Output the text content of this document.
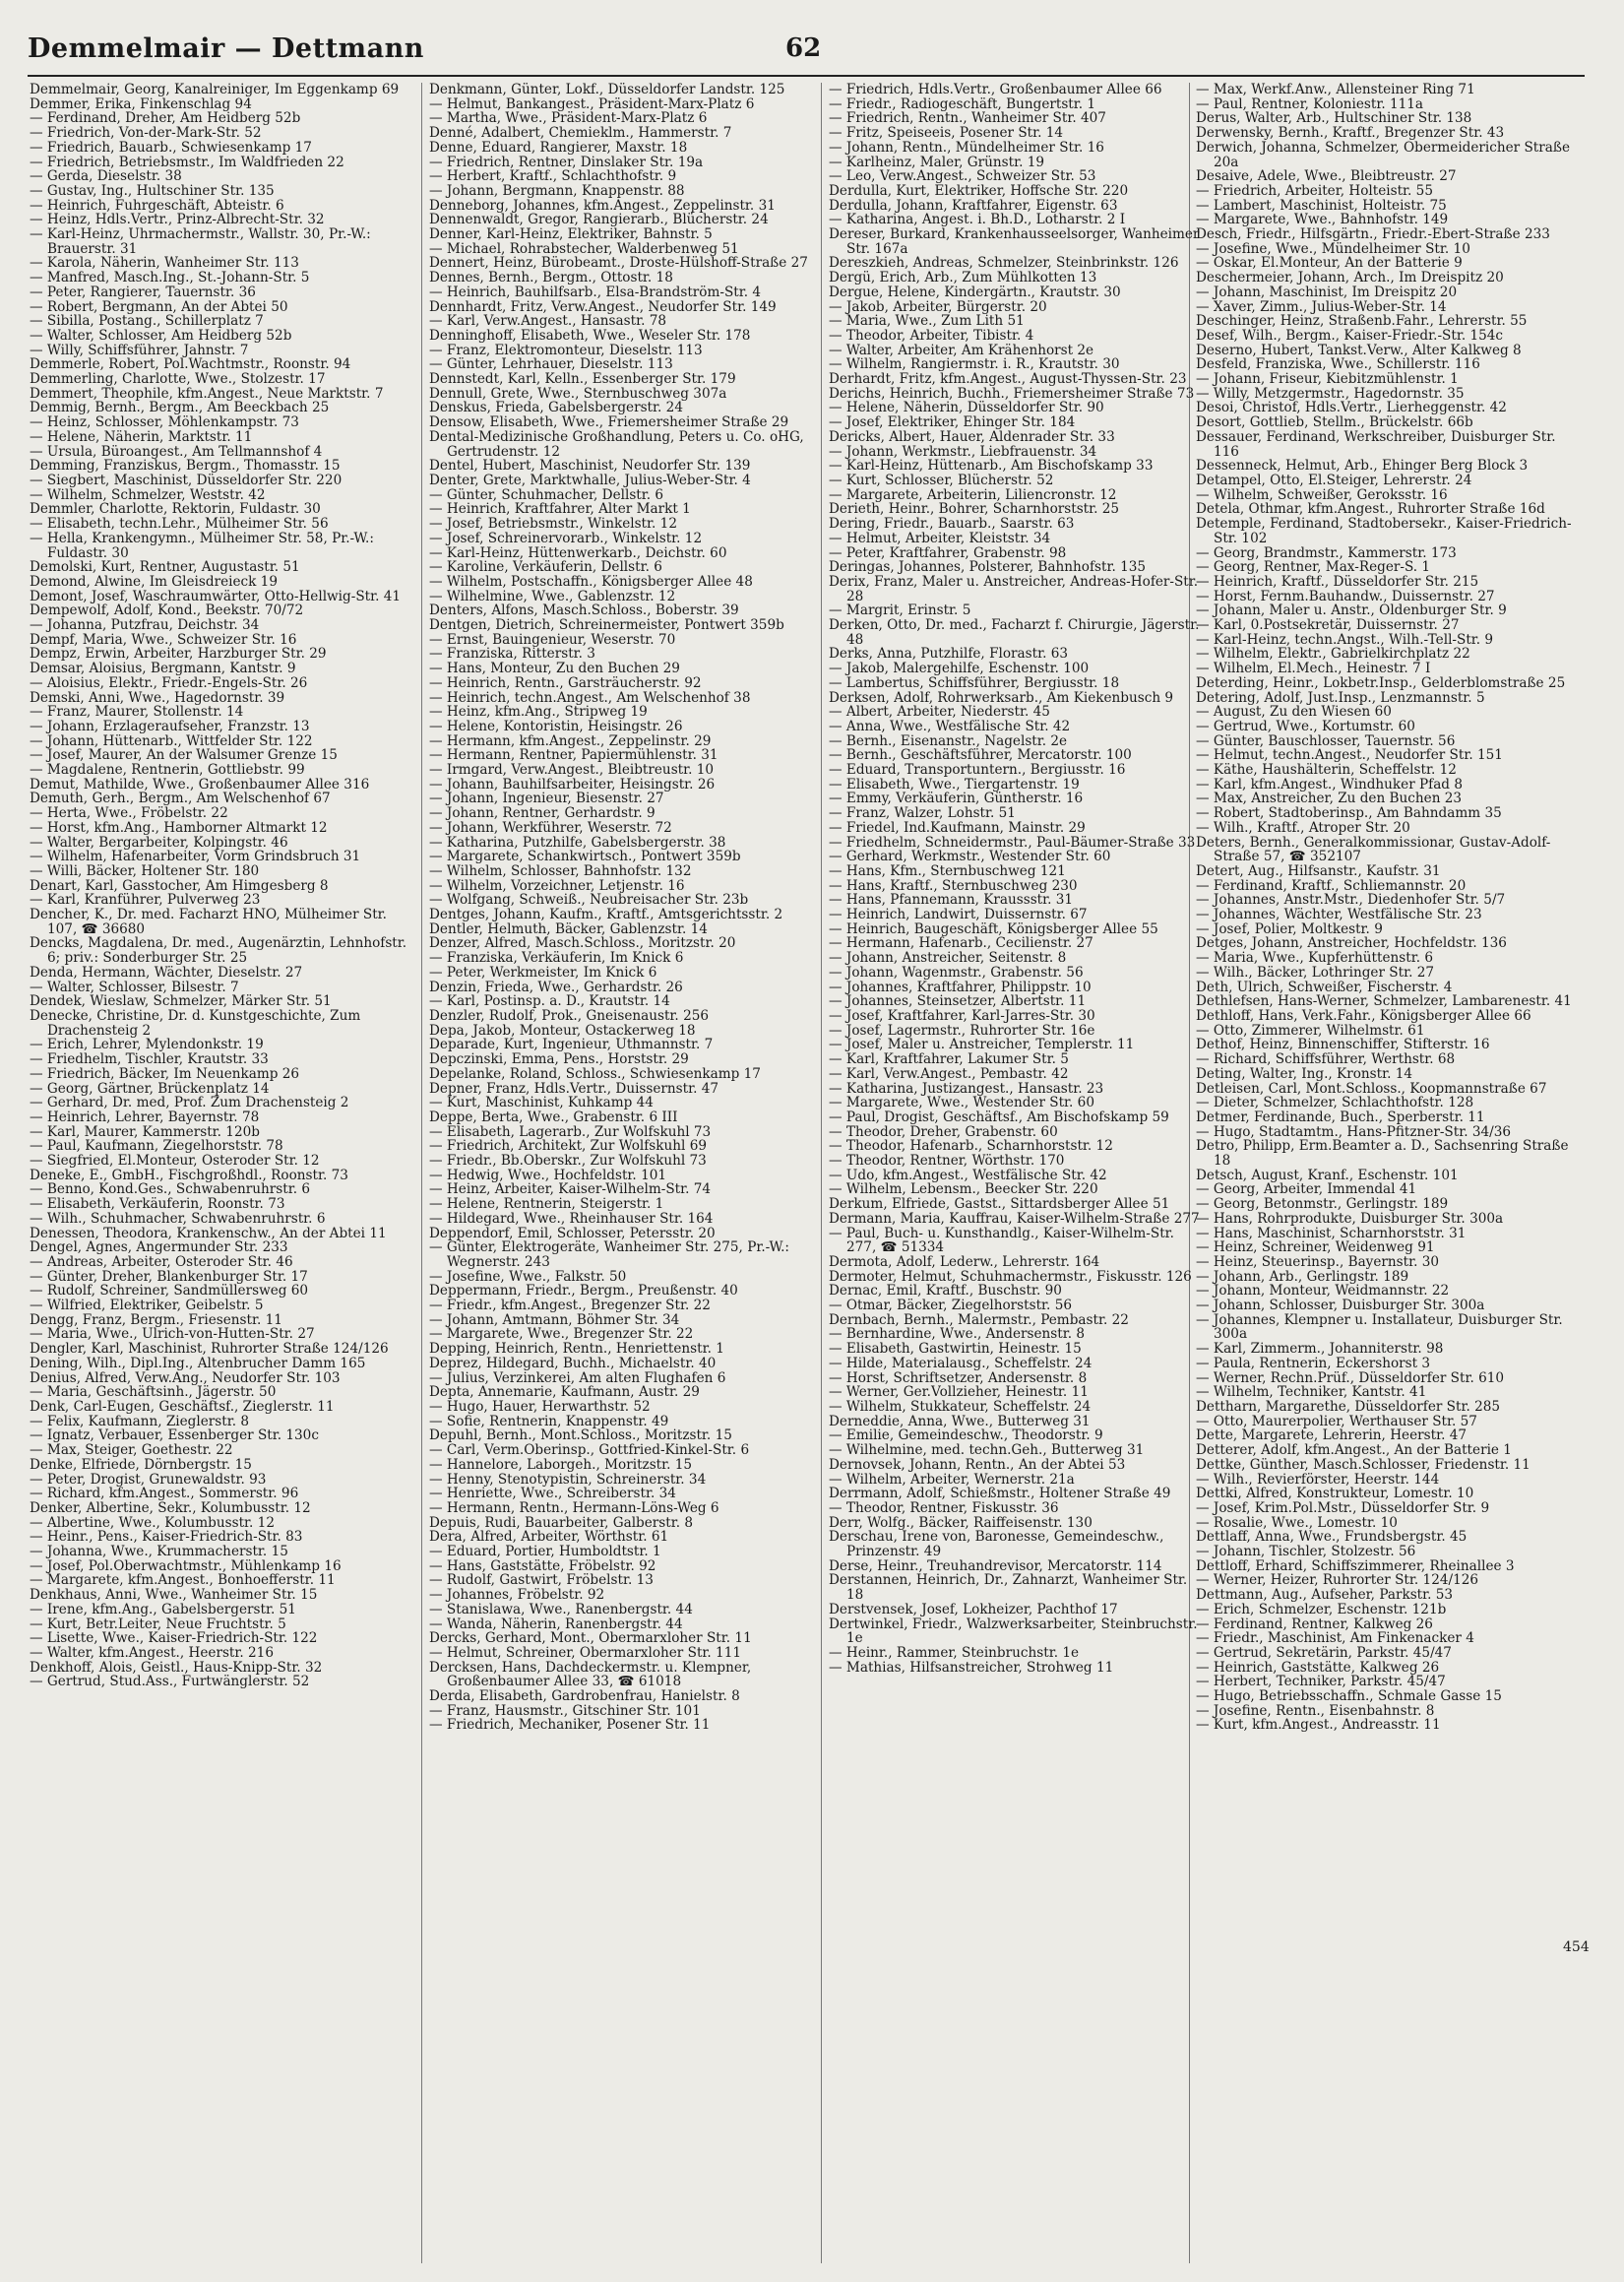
Demmelmair — Dettmann	62

Demmelmair, Georg, Kanalreiniger, Im Eggenkamp 69

Demmer, Erika, Finkenschlag 94

— Ferdinand, Dreher, Am Heidberg 52b

— Friedrich, Von-der-Mark-Str. 52

— Friedrich, Bauarb., Schwiesenkamp 17

— Friedrich, Betriebsmstr., Im Waldfrieden 22

— Gerda, Dieselstr. 38

— Gustav, Ing., Hultschiner Str. 135

— Heinrich, Fuhrgeschäft, Abteistr. 6

— Heinz, Hdls.Vertr., Prinz-Albrecht-Str. 32

— Karl-Heinz, Uhrmachermstr., Wallstr. 30, Pr.-W.: Brauerstr. 31

— Karola, Näherin, Wanheimer Str. 113

— Manfred, Masch.Ing., St.-Johann-Str. 5

— Peter, Rangierer, Tauernstr. 36

— Robert, Bergmann, An der Abtei 50

— Sibilla, Postang., Schillerplatz 7

— Walter, Schlosser, Am Heidberg 52b

— Willy, Schiffsführer, Jahnstr. 7

Demmerle, Robert, Pol.Wachtmstr., Roonstr. 94

Demmerling, Charlotte, Wwe., Stolzestr. 17

Demmert, Theophile, kfm.Angest., Neue Marktstr. 7

Demmig, Bernh., Bergm., Am Beeckbach 25

— Heinz, Schlosser, Möhlenkampstr. 73

— Helene, Näherin, Marktstr. 11

— Ursula, Büroangest., Am Tellmannshof 4

Demming, Franziskus, Bergm., Thomasstr. 15

— Siegbert, Maschinist, Düsseldorfer Str. 220

— Wilhelm, Schmelzer, Weststr. 42

Demmler, Charlotte, Rektorin, Fuldastr. 30

— Elisabeth, techn.Lehr., Mülheimer Str. 56

— Hella, Krankengymn., Mülheimer Str. 58, Pr.-W.: Fuldastr. 30

Demolski, Kurt, Rentner, Augustastr. 51

Demond, Alwine, Im Gleisdreieck 19

Demont, Josef, Waschraumwärter, Otto-Hellwig-Str. 41

Dempewolf, Adolf, Kond., Beekstr. 70/72

— Johanna, Putzfrau, Deichstr. 34

Dempf, Maria, Wwe., Schweizer Str. 16

Dempz, Erwin, Arbeiter, Harzburger Str. 29

Demsar, Aloisius, Bergmann, Kantstr. 9

— Aloisius, Elektr., Friedr.-Engels-Str. 26

Demski, Anni, Wwe., Hagedornstr. 39

— Franz, Maurer, Stollenstr. 14

— Johann, Erzlageraufseher, Franzstr. 13

— Johann, Hüttenarb., Wittfelder Str. 122

— Josef, Maurer, An der Walsumer Grenze 15

— Magdalene, Rentnerin, Gottliebstr. 99

Demut, Mathilde, Wwe., Großenbaumer Allee 316

Demuth, Gerh., Bergm., Am Welschenhof 67

— Herta, Wwe., Fröbelstr. 22

— Horst, kfm.Ang., Hamborner Altmarkt 12

— Walter, Bergarbeiter, Kolpingstr. 46

— Wilhelm, Hafenarbeiter, Vorm Grindsbruch 31

— Willi, Bäcker, Holtener Str. 180

Denart, Karl, Gasstocher, Am Himgesberg 8

— Karl, Kranführer, Pulverweg 23

Dencher, K., Dr. med. Facharzt HNO, Mülheimer Str. 107, ☎ 36680

Dencks, Magdalena, Dr. med., Augenärztin, Lehnhofstr. 6; priv.: Sonderburger Str. 25

Denda, Hermann, Wächter, Dieselstr. 27

— Walter, Schlosser, Bilsestr. 7

Dendek, Wieslaw, Schmelzer, Märker Str. 51

Denecke, Christine, Dr. d. Kunstgeschichte, Zum Drachensteig 2

— Erich, Lehrer, Mylendonkstr. 19

— Friedhelm, Tischler, Krautstr. 33

— Friedrich, Bäcker, Im Neuenkamp 26

— Georg, Gärtner, Brückenplatz 14

— Gerhard, Dr. med, Prof. Zum Drachensteig 2

— Heinrich, Lehrer, Bayernstr. 78

— Karl, Maurer, Kammerstr. 120b

— Paul, Kaufmann, Ziegelhorststr. 78

— Siegfried, El.Monteur, Osteroder Str. 12

Deneke, E., GmbH., Fischgroßhdl., Roonstr. 73

— Benno, Kond.Ges., Schwabenruhrstr. 6

— Elisabeth, Verkäuferin, Roonstr. 73

— Wilh., Schuhmacher, Schwabenruhrstr. 6

Denessen, Theodora, Krankenschw., An der Abtei 11

Dengel, Agnes, Angermunder Str. 233

— Andreas, Arbeiter, Osteroder Str. 46

— Günter, Dreher, Blankenburger Str. 17

— Rudolf, Schreiner, Sandmüllersweg 60

— Wilfried, Elektriker, Geibelstr. 5

Dengg, Franz, Bergm., Friesenstr. 11

— Maria, Wwe., Ulrich-von-Hutten-Str. 27

Dengler, Karl, Maschinist, Ruhrorter Straße 124/126

Dening, Wilh., Dipl.Ing., Altenbrucher Damm 165

Denius, Alfred, Verw.Ang., Neudorfer Str. 103

— Maria, Geschäftsinh., Jägerstr. 50

Denk, Carl-Eugen, Geschäftsf., Zieglerstr. 11

— Felix, Kaufmann, Zieglerstr. 8

— Ignatz, Verbauer, Essenberger Str. 130c

— Max, Steiger, Goethestr. 22

Denke, Elfriede, Dörnbergstr. 15

— Peter, Drogist, Grunewaldstr. 93

— Richard, kfm.Angest., Sommerstr. 96

Denker, Albertine, Sekr., Kolumbusstr. 12

— Albertine, Wwe., Kolumbusstr. 12

— Heinr., Pens., Kaiser-Friedrich-Str. 83

— Johanna, Wwe., Krummacherstr. 15

— Josef, Pol.Oberwachtmstr., Mühlenkamp 16

— Margarete, kfm.Angest., Bonhoefferstr. 11

Denkhaus, Anni, Wwe., Wanheimer Str. 15

— Irene, kfm.Ang., Gabelsbergerstr. 51

— Kurt, Betr.Leiter, Neue Fruchtstr. 5

— Lisette, Wwe., Kaiser-Friedrich-Str. 122

— Walter, kfm.Angest., Heerstr. 216

Denkhoff, Alois, Geistl., Haus-Knipp-Str. 32

— Gertrud, Stud.Ass., Furtwänglerstr. 52

Denkmann, Günter, Lokf., Düsseldorfer Landstr. 125

— Helmut, Bankangest., Präsident-Marx-Platz 6

— Martha, Wwe., Präsident-Marx-Platz 6

Denné, Adalbert, Chemieklm., Hammerstr. 7

Denne, Eduard, Rangierer, Maxstr. 18

— Friedrich, Rentner, Dinslaker Str. 19a

— Herbert, Kraftf., Schlachthofstr. 9

— Johann, Bergmann, Knappenstr. 88

Denneborg, Johannes, kfm.Angest., Zeppelinstr. 31

Dennenwaldt, Gregor, Rangierarb., Blücherstr. 24

Denner, Karl-Heinz, Elektriker, Bahnstr. 5

— Michael, Rohrabstecher, Walderbenweg 51

Dennert, Heinz, Bürobeamt., Droste-Hülshoff-Straße 27

Dennes, Bernh., Bergm., Ottostr. 18

— Heinrich, Bauhilfsarb., Elsa-Brandström-Str. 4

Dennhardt, Fritz, Verw.Angest., Neudorfer Str. 149

— Karl, Verw.Angest., Hansastr. 78

Denninghoff, Elisabeth, Wwe., Weseler Str. 178

— Franz, Elektromonteur, Dieselstr. 113

— Günter, Lehrhauer, Dieselstr. 113

Dennstedt, Karl, Kelln., Essenberger Str. 179

Dennull, Grete, Wwe., Sternbuschweg 307a

Denskus, Frieda, Gabelsbergerstr. 24

Densow, Elisabeth, Wwe., Friemersheimer Straße 29

Dental-Medizinische Großhandlung, Peters u. Co. oHG, Gertrudenstr. 12

Dentel, Hubert, Maschinist, Neudorfer Str. 139

Denter, Grete, Marktwhalle, Julius-Weber-Str. 4

— Günter, Schuhmacher, Dellstr. 6

— Heinrich, Kraftfahrer, Alter Markt 1

— Josef, Betriebsmstr., Winkelstr. 12

— Josef, Schreinervorarb., Winkelstr. 12

— Karl-Heinz, Hüttenwerkarb., Deichstr. 60

— Karoline, Verkäuferin, Dellstr. 6

— Wilhelm, Postschaffn., Königsberger Allee 48

— Wilhelmine, Wwe., Gablenzstr. 12

Denters, Alfons, Masch.Schloss., Boberstr. 39

Dentgen, Dietrich, Schreinermeister, Pontwert 359b

— Ernst, Bauingenieur, Weserstr. 70

— Franziska, Ritterstr. 3

— Hans, Monteur, Zu den Buchen 29

— Heinrich, Rentn., Garsträucherstr. 92

— Heinrich, techn.Angest., Am Welschenhof 38

— Heinz, kfm.Ang., Stripweg 19

— Helene, Kontoristin, Heisingstr. 26

— Hermann, kfm.Angest., Zeppelinstr. 29

— Hermann, Rentner, Papiermühlenstr. 31

— Irmgard, Verw.Angest., Bleibtreustr. 10

— Johann, Bauhilfsarbeiter, Heisingstr. 26

— Johann, Ingenieur, Biesenstr. 27

— Johann, Rentner, Gerhardstr. 9

— Johann, Werkführer, Weserstr. 72

— Katharina, Putzhilfe, Gabelsbergerstr. 38

— Margarete, Schankwirtsch., Pontwert 359b

— Wilhelm, Schlosser, Bahnhofstr. 132

— Wilhelm, Vorzeichner, Letjenstr. 16

— Wolfgang, Schweiß., Neubreisacher Str. 23b

Dentges, Johann, Kaufm., Kraftf., Amtsgerichtsstr. 2

Dentler, Helmuth, Bäcker, Gablenzstr. 14

Denzer, Alfred, Masch.Schloss., Moritzstr. 20

— Franziska, Verkäuferin, Im Knick 6

— Peter, Werkmeister, Im Knick 6

Denzin, Frieda, Wwe., Gerhardstr. 26

— Karl, Postinsp. a. D., Krautstr. 14

Denzler, Rudolf, Prok., Gneisenaustr. 256

Depa, Jakob, Monteur, Ostackerweg 18

Deparade, Kurt, Ingenieur, Uthmannstr. 7

Depczinski, Emma, Pens., Horststr. 29

Depelanke, Roland, Schloss., Schwiesenkamp 17

Depner, Franz, Hdls.Vertr., Duissernstr. 47

— Kurt, Maschinist, Kuhkamp 44

Deppe, Berta, Wwe., Grabenstr. 6 III

— Elisabeth, Lagerarb., Zur Wolfskuhl 73

— Friedrich, Architekt, Zur Wolfskuhl 69

— Friedr., Bb.Oberskr., Zur Wolfskuhl 73

— Hedwig, Wwe., Hochfeldstr. 101

— Heinz, Arbeiter, Kaiser-Wilhelm-Str. 74

— Helene, Rentnerin, Steigerstr. 1

— Hildegard, Wwe., Rheinhauser Str. 164

Deppendorf, Emil, Schlosser, Petersstr. 20

— Günter, Elektrogeräte, Wanheimer Str. 275, Pr.-W.: Wegnerstr. 243

— Josefine, Wwe., Falkstr. 50

Deppermann, Friedr., Bergm., Preußenstr. 40

— Friedr., kfm.Angest., Bregenzer Str. 22

— Johann, Amtmann, Böhmer Str. 34

— Margarete, Wwe., Bregenzer Str. 22

Depping, Heinrich, Rentn., Henriettenstr. 1

Deprez, Hildegard, Buchh., Michaelstr. 40

— Julius, Verzinkerei, Am alten Flughafen 6

Depta, Annemarie, Kaufmann, Austr. 29

— Hugo, Hauer, Herwarthstr. 52

— Sofie, Rentnerin, Knappenstr. 49

Depuhl, Bernh., Mont.Schloss., Moritzstr. 15

— Carl, Verm.Oberinsp., Gottfried-Kinkel-Str. 6

— Hannelore, Laborgeh., Moritzstr. 15

— Henny, Stenotypistin, Schreinerstr. 34

— Henriette, Wwe., Schreiberstr. 34

— Hermann, Rentn., Hermann-Löns-Weg 6

Depuis, Rudi, Bauarbeiter, Galberstr. 8

Dera, Alfred, Arbeiter, Wörthstr. 61

— Eduard, Portier, Humboldtstr. 1

— Hans, Gaststätte, Fröbelstr. 92

— Rudolf, Gastwirt, Fröbelstr. 13

— Johannes, Fröbelstr. 92

— Stanislawa, Wwe., Ranenbergstr. 44

— Wanda, Näherin, Ranenbergstr. 44

Dercks, Gerhard, Mont., Obermarxloher Str. 11

— Helmut, Schreiner, Obermarxloher Str. 111

Dercksen, Hans, Dachdeckermstr. u. Klempner, Großenbaumer Allee 33, ☎ 61018

Derda, Elisabeth, Gardrobenfrau, Hanielstr. 8

— Franz, Hausmstr., Gitschiner Str. 101

— Friedrich, Mechaniker, Posener Str. 11

— Friedrich, Hdls.Vertr., Großenbaumer Allee 66

— Friedr., Radiogeschäft, Bungertstr. 1

— Friedrich, Rentn., Wanheimer Str. 407

— Fritz, Speiseeis, Posener Str. 14

— Johann, Rentn., Mündelheimer Str. 16

— Karlheinz, Maler, Grünstr. 19

— Leo, Verw.Angest., Schweizer Str. 53

Derdulla, Kurt, Elektriker, Hoffsche Str. 220

Derdulla, Johann, Kraftfahrer, Eigenstr. 63

— Katharina, Angest. i. Bh.D., Lotharstr. 2 I

Dereser, Burkard, Krankenhausseelsorger, Wanheimer Str. 167a

Dereszkieh, Andreas, Schmelzer, Steinbrinkstr. 126

Dergü, Erich, Arb., Zum Mühlkotten 13

Dergue, Helene, Kindergärtn., Krautstr. 30

— Jakob, Arbeiter, Bürgerstr. 20

— Maria, Wwe., Zum Lith 51

— Theodor, Arbeiter, Tibistr. 4

— Walter, Arbeiter, Am Krähenhorst 2e

— Wilhelm, Rangiermstr. i. R., Krautstr. 30

Derhardt, Fritz, kfm.Angest., August-Thyssen-Str. 23

Derichs, Heinrich, Buchh., Friemersheimer Straße 73

— Helene, Näherin, Düsseldorfer Str. 90

— Josef, Elektriker, Ehinger Str. 184

Dericks, Albert, Hauer, Aldenrader Str. 33

— Johann, Werkmstr., Liebfrauenstr. 34

— Karl-Heinz, Hüttenarb., Am Bischofskamp 33

— Kurt, Schlosser, Blücherstr. 52

— Margarete, Arbeiterin, Liliencronstr. 12

Derieth, Heinr., Bohrer, Scharnhorststr. 25

Dering, Friedr., Bauarb., Saarstr. 63

— Helmut, Arbeiter, Kleiststr. 34

— Peter, Kraftfahrer, Grabenstr. 98

Deringas, Johannes, Polsterer, Bahnhofstr. 135

Derix, Franz, Maler u. Anstreicher, Andreas-Hofer-Str. 28

— Margrit, Erinstr. 5

Derken, Otto, Dr. med., Facharzt f. Chirurgie, Jägerstr. 48

Derks, Anna, Putzhilfe, Florastr. 63

— Jakob, Malergehilfe, Eschenstr. 100

— Lambertus, Schiffsführer, Bergiusstr. 18

Derksen, Adolf, Rohrwerksarb., Am Kiekenbusch 9

— Albert, Arbeiter, Niederstr. 45

— Anna, Wwe., Westfälische Str. 42

— Bernh., Eisenanstr., Nagelstr. 2e

— Bernh., Geschäftsführer, Mercatorstr. 100

— Eduard, Transportuntern., Bergiusstr. 16

— Elisabeth, Wwe., Tiergartenstr. 19

— Emmy, Verkäuferin, Güntherstr. 16

— Franz, Walzer, Lohstr. 51

— Friedel, Ind.Kaufmann, Mainstr. 29

— Friedhelm, Schneidermstr., Paul-Bäumer-Straße 33

— Gerhard, Werkmstr., Westender Str. 60

— Hans, Kfm., Sternbuschweg 121

— Hans, Kraftf., Sternbuschweg 230

— Hans, Pfannemann, Kraussstr. 31

— Heinrich, Landwirt, Duissernstr. 67

— Heinrich, Baugeschäft, Königsberger Allee 55

— Hermann, Hafenarb., Cecilienstr. 27

— Johann, Anstreicher, Seitenstr. 8

— Johann, Wagenmstr., Grabenstr. 56

— Johannes, Kraftfahrer, Philippstr. 10

— Johannes, Steinsetzer, Albertstr. 11

— Josef, Kraftfahrer, Karl-Jarres-Str. 30

— Josef, Lagermstr., Ruhrorter Str. 16e

— Josef, Maler u. Anstreicher, Templerstr. 11

— Karl, Kraftfahrer, Lakumer Str. 5

— Karl, Verw.Angest., Pembastr. 42

— Katharina, Justizangest., Hansastr. 23

— Margarete, Wwe., Westender Str. 60

— Paul, Drogist, Geschäftsf., Am Bischofskamp 59

— Theodor, Dreher, Grabenstr. 60

— Theodor, Hafenarb., Scharnhorststr. 12

— Theodor, Rentner, Wörthstr. 170

— Udo, kfm.Angest., Westfälische Str. 42

— Wilhelm, Lebensm., Beecker Str. 220

Derkum, Elfriede, Gastst., Sittardsberger Allee 51

Dermann, Maria, Kauffrau, Kaiser-Wilhelm-Straße 277

— Paul, Buch- u. Kunsthandlg., Kaiser-Wilhelm-Str. 277, ☎ 51334

Dermota, Adolf, Lederw., Lehrerstr. 164

Dermoter, Helmut, Schuhmachermstr., Fiskusstr. 126

Dernac, Emil, Kraftf., Buschstr. 90

— Otmar, Bäcker, Ziegelhorststr. 56

Dernbach, Bernh., Malermstr., Pembastr. 22

— Bernhardine, Wwe., Andersenstr. 8

— Elisabeth, Gastwirtin, Heinestr. 15

— Hilde, Materialausg., Scheffelstr. 24

— Horst, Schriftsetzer, Andersenstr. 8

— Werner, Ger.Vollzieher, Heinestr. 11

— Wilhelm, Stukkateur, Scheffelstr. 24

Derneddie, Anna, Wwe., Butterweg 31

— Emilie, Gemeindeschw., Theodorstr. 9

— Wilhelmine, med. techn.Geh., Butterweg 31

Dernovsek, Johann, Rentn., An der Abtei 53

— Wilhelm, Arbeiter, Wernerstr. 21a

Derrmann, Adolf, Schießmstr., Holtener Straße 49

— Theodor, Rentner, Fiskusstr. 36

Derr, Wolfg., Bäcker, Raiffeisenstr. 130

Derschau, Irene von, Baronesse, Gemeindeschw., Prinzenstr. 49

Derse, Heinr., Treuhandrevisor, Mercatorstr. 114

Derstannen, Heinrich, Dr., Zahnarzt, Wanheimer Str. 18

Derstvensek, Josef, Lokheizer, Pachthof 17

Dertwinkel, Friedr., Walzwerksarbeiter, Steinbruchstr. 1e

— Heinr., Rammer, Steinbruchstr. 1e

— Mathias, Hilfsanstreicher, Strohweg 11

— Max, Werkf.Anw., Allensteiner Ring 71

— Paul, Rentner, Koloniestr. 111a

Derus, Walter, Arb., Hultschiner Str. 138

Derwensky, Bernh., Kraftf., Bregenzer Str. 43

Derwich, Johanna, Schmelzer, Obermeidericher Straße 20a

Desaive, Adele, Wwe., Bleibtreustr. 27

— Friedrich, Arbeiter, Holteistr. 55

— Lambert, Maschinist, Holteistr. 75

— Margarete, Wwe., Bahnhofstr. 149

Desch, Friedr., Hilfsgärtn., Friedr.-Ebert-Straße 233

— Josefine, Wwe., Mündelheimer Str. 10

— Oskar, El.Monteur, An der Batterie 9

Deschermeier, Johann, Arch., Im Dreispitz 20

— Johann, Maschinist, Im Dreispitz 20

— Xaver, Zimm., Julius-Weber-Str. 14

Deschinger, Heinz, Straßenb.Fahr., Lehrerstr. 55

Desef, Wilh., Bergm., Kaiser-Friedr.-Str. 154c

Deserno, Hubert, Tankst.Verw., Alter Kalkweg 8

Desfeld, Franziska, Wwe., Schillerstr. 116

— Johann, Friseur, Kiebitzmühlenstr. 1

— Willy, Metzgermstr., Hagedornstr. 35

Desoi, Christof, Hdls.Vertr., Lierheggenstr. 42

Desort, Gottlieb, Stellm., Brückelstr. 66b

Dessauer, Ferdinand, Werkschreiber, Duisburger Str. 116

Dessenneck, Helmut, Arb., Ehinger Berg Block 3

Detampel, Otto, El.Steiger, Lehrerstr. 24

— Wilhelm, Schweißer, Geroksstr. 16

Detela, Othmar, kfm.Angest., Ruhrorter Straße 16d

Detemple, Ferdinand, Stadtobersekr., Kaiser-Friedrich-Str. 102

— Georg, Brandmstr., Kammerstr. 173

— Georg, Rentner, Max-Reger-S. 1

— Heinrich, Kraftf., Düsseldorfer Str. 215

— Horst, Fernm.Bauhandw., Duissernstr. 27

— Johann, Maler u. Anstr., Oldenburger Str. 9

— Karl, 0.Postsekretär, Duissernstr. 27

— Karl-Heinz, techn.Angst., Wilh.-Tell-Str. 9

— Wilhelm, Elektr., Gabrielkirchplatz 22

— Wilhelm, El.Mech., Heinestr. 7 I

Deterding, Heinr., Lokbetr.Insp., Gelderblomstraße 25

Detering, Adolf, Just.Insp., Lenzmannstr. 5

— August, Zu den Wiesen 60

— Gertrud, Wwe., Kortumstr. 60

— Günter, Bauschlosser, Tauernstr. 56

— Helmut, techn.Angest., Neudorfer Str. 151

— Käthe, Haushälterin, Scheffelstr. 12

— Karl, kfm.Angest., Windhuker Pfad 8

— Max, Anstreicher, Zu den Buchen 23

— Robert, Stadtoberinsp., Am Bahndamm 35

— Wilh., Kraftf., Atroper Str. 20

Deters, Bernh., Generalkommissionar, Gustav-Adolf-Straße 57, ☎ 352107

Detert, Aug., Hilfsanstr., Kaufstr. 31

— Ferdinand, Kraftf., Schliemannstr. 20

— Johannes, Anstr.Mstr., Diedenhofer Str. 5/7

— Johannes, Wächter, Westfälische Str. 23

— Josef, Polier, Moltkestr. 9

Detges, Johann, Anstreicher, Hochfeldstr. 136

— Maria, Wwe., Kupferhüttenstr. 6

— Wilh., Bäcker, Lothringer Str. 27

Deth, Ulrich, Schweißer, Fischerstr. 4

Dethlefsen, Hans-Werner, Schmelzer, Lambarenestr. 41

Dethloff, Hans, Verk.Fahr., Königsberger Allee 66

— Otto, Zimmerer, Wilhelmstr. 61

Dethof, Heinz, Binnenschiffer, Stifterstr. 16

— Richard, Schiffsführer, Werthstr. 68

Deting, Walter, Ing., Kronstr. 14

Detleisen, Carl, Mont.Schloss., Koopmannstraße 67

— Dieter, Schmelzer, Schlachthofstr. 128

Detmer, Ferdinande, Buch., Sperberstr. 11

— Hugo, Stadtamtm., Hans-Pfitzner-Str. 34/36

Detro, Philipp, Erm.Beamter a. D., Sachsenring Straße 18

Detsch, August, Kranf., Eschenstr. 101

— Georg, Arbeiter, Immendal 41

— Georg, Betonmstr., Gerlingstr. 189

— Hans, Rohrprodukte, Duisburger Str. 300a

— Hans, Maschinist, Scharnhorststr. 31

— Heinz, Schreiner, Weidenweg 91

— Heinz, Steuerinsp., Bayernstr. 30

— Johann, Arb., Gerlingstr. 189

— Johann, Monteur, Weidmannstr. 22

— Johann, Schlosser, Duisburger Str. 300a

— Johannes, Klempner u. Installateur, Duisburger Str. 300a

— Karl, Zimmerm., Johanniterstr. 98

— Paula, Rentnerin, Eckershorst 3

— Werner, Rechn.Prüf., Düsseldorfer Str. 610

— Wilhelm, Techniker, Kantstr. 41

Dettharn, Margarethe, Düsseldorfer Str. 285

— Otto, Maurerpolier, Werthauser Str. 57

Dette, Margarete, Lehrerin, Heerstr. 47

Detterer, Adolf, kfm.Angest., An der Batterie 1

Dettke, Günther, Masch.Schlosser, Friedenstr. 11

— Wilh., Revierförster, Heerstr. 144

Dettki, Alfred, Konstrukteur, Lomestr. 10

— Josef, Krim.Pol.Mstr., Düsseldorfer Str. 9

— Rosalie, Wwe., Lomestr. 10

Dettlaff, Anna, Wwe., Frundsbergstr. 45

— Johann, Tischler, Stolzestr. 56

Dettloff, Erhard, Schiffszimmerer, Rheinallee 3

— Werner, Heizer, Ruhrorter Str. 124/126

Dettmann, Aug., Aufseher, Parkstr. 53

— Erich, Schmelzer, Eschenstr. 121b

— Ferdinand, Rentner, Kalkweg 26

— Friedr., Maschinist, Am Finkenacker 4

— Gertrud, Sekretärin, Parkstr. 45/47

— Heinrich, Gaststätte, Kalkweg 26

— Herbert, Techniker, Parkstr. 45/47

— Hugo, Betriebsschaffn., Schmale Gasse 15

— Josefine, Rentn., Eisenbahnstr. 8

— Kurt, kfm.Angest., Andreasstr. 11

454
